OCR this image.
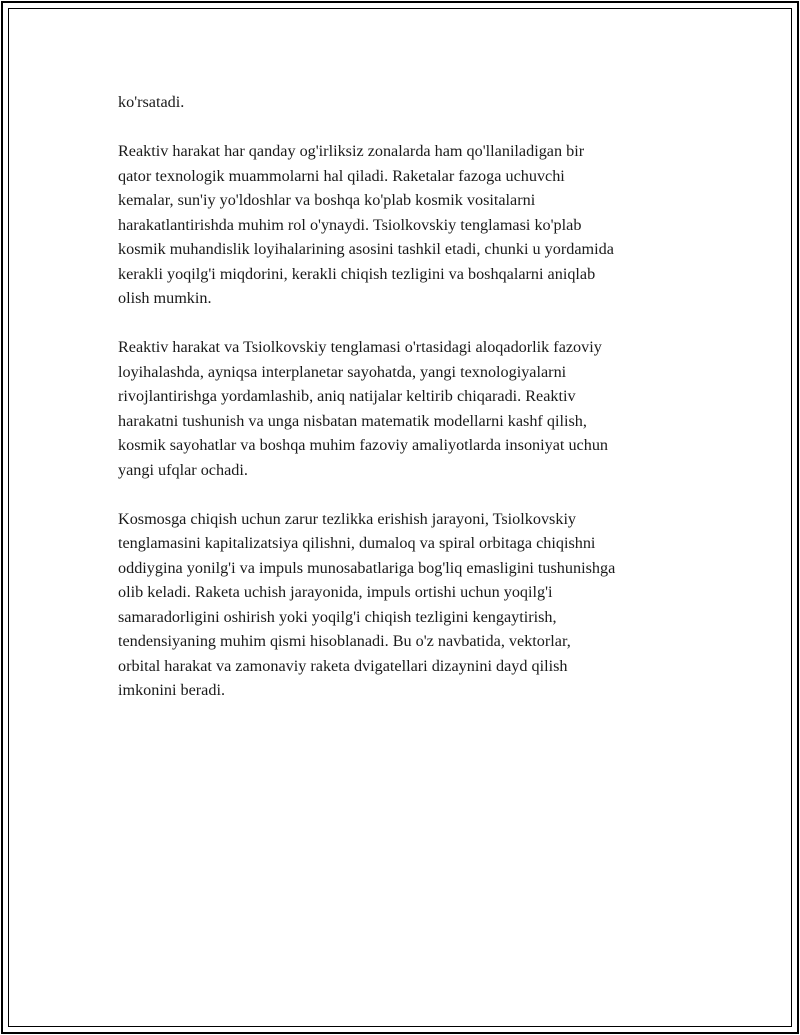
ko'rsatadi.

Reaktiv harakat har qanday og'irliksiz zonalarda ham qo'llaniladigan bir
qator texnologik muammolarni hal qiladi. Raketalar fazoga uchuvchi
kemalar, sun'iy yo'ldoshlar va boshqa ko'plab kosmik vositalarni
harakatlantirishda muhim rol o'ynaydi. Tsiolkovskiy tenglamasi ko'plab
kosmik muhandislik loyihalarining asosini tashkil etadi, chunki u yordamida
kerakli yoqilg'i miqdorini, kerakli chiqish tezligini va boshqalarni aniqlab
olish mumkin.

Reaktiv harakat va Tsiolkovskiy tenglamasi o'rtasidagi aloqadorlik fazoviy
loyihalashda, ayniqsa interplanetar sayohatda, yangi texnologiyalarni
rivojlantirishga yordamlashib, aniq natijalar keltirib chiqaradi. Reaktiv
harakatni tushunish va unga nisbatan matematik modellarni kashf qilish,
kosmik sayohatlar va boshqa muhim fazoviy amaliyotlarda insoniyat uchun
yangi ufqlar ochadi.

Kosmosga chiqish uchun zarur tezlikka erishish jarayoni, Tsiolkovskiy
tenglamasini kapitalizatsiya qilishni, dumaloq va spiral orbitaga chiqishni
oddiygina yonilg'i va impuls munosabatlariga bog'liq emasligini tushunishga
olib keladi. Raketa uchish jarayonida, impuls ortishi uchun yoqilg'i
samaradorligini oshirish yoki yoqilg'i chiqish tezligini kengaytirish,
tendensiyaning muhim qismi hisoblanadi. Bu o'z navbatida, vektorlar,
orbital harakat va zamonaviy raketa dvigatellari dizaynini dayd qilish
imkonini beradi.
